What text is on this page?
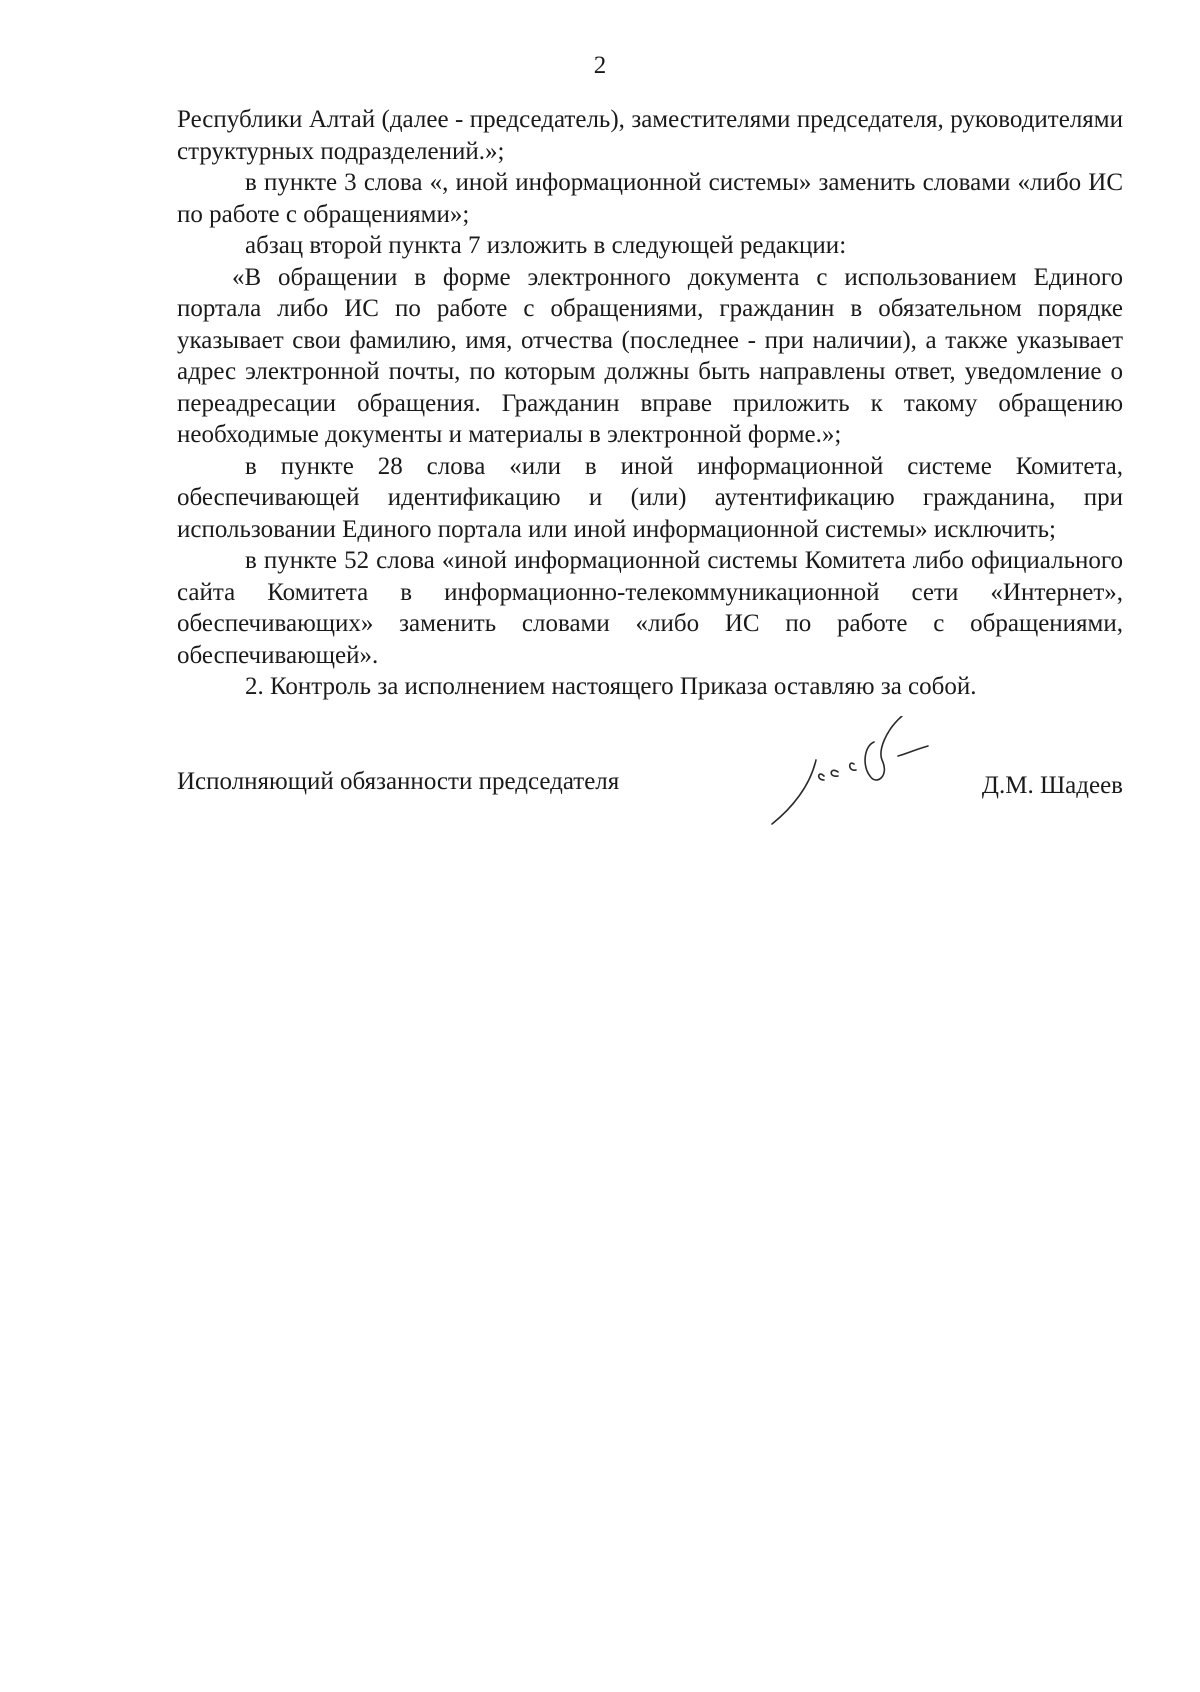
2

Республики Алтай (далее - председатель), заместителями председателя, руководителями структурных подразделений.»;

в пункте 3 слова «, иной информационной системы» заменить словами «либо ИС по работе с обращениями»;

абзац второй пункта 7 изложить в следующей редакции:

«В обращении в форме электронного документа с использованием Единого портала либо ИС по работе с обращениями, гражданин в обязательном порядке указывает свои фамилию, имя, отчества (последнее - при наличии), а также указывает адрес электронной почты, по которым должны быть направлены ответ, уведомление о переадресации обращения. Гражданин вправе приложить к такому обращению необходимые документы и материалы в электронной форме.»;

в пункте 28 слова «или в иной информационной системе Комитета, обеспечивающей идентификацию и (или) аутентификацию гражданина, при использовании Единого портала или иной информационной системы» исключить;

в пункте 52 слова «иной информационной системы Комитета либо официального сайта Комитета в информационно-телекоммуникационной сети «Интернет», обеспечивающих» заменить словами «либо ИС по работе с обращениями, обеспечивающей».

2. Контроль за исполнением настоящего Приказа оставляю за собой.

Исполняющий обязанности председателя	Д.М. Шадеев
